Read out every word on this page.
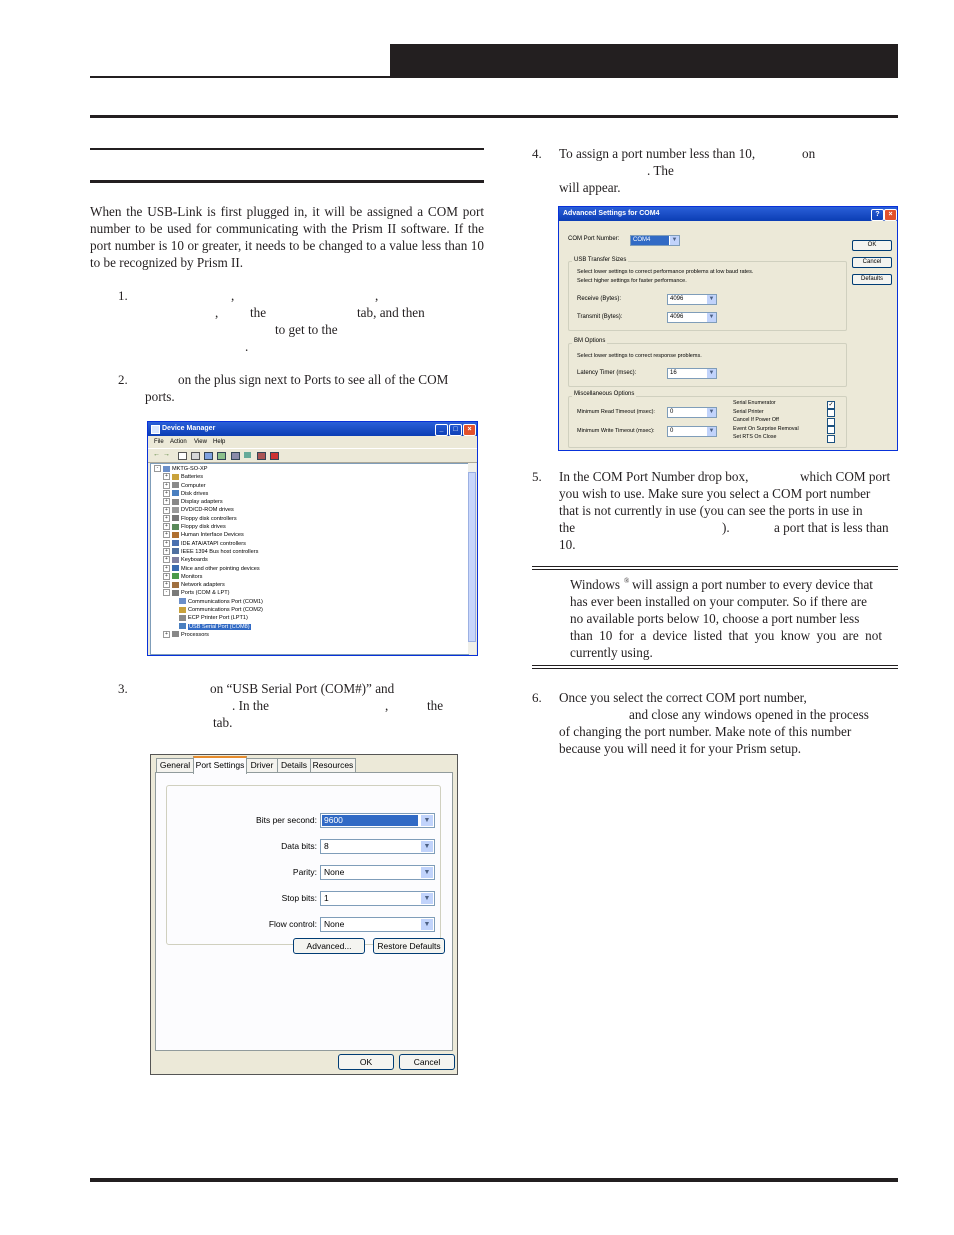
When the USB-Link is first plugged in, it will be assigned a COM port number to be used for communicating with the Prism II software. If the port number is 10 or greater, it needs to be changed to a value less than 10 to be recognized by Prism II.
1.	,	,
, the	tab, and then
to get to the
.
2.	on the plus sign next to Ports to see all of the COM
ports.
Device Manager	_	□	×
File Action View Help
← →
- MKTG-SO-XP
+ Batteries
+ Computer
+ Disk drives
+ Display adapters
+ DVD/CD-ROM drives
+ Floppy disk controllers
+ Floppy disk drives
+ Human Interface Devices
+ IDE ATA/ATAPI controllers
+ IEEE 1394 Bus host controllers
+ Keyboards
+ Mice and other pointing devices
+ Monitors
+ Network adapters
- Ports (COM & LPT)
Communications Port (COM1)
Communications Port (COM2)
ECP Printer Port (LPT1)
USB Serial Port (COM8)
+ Processors
3.	on “USB Serial Port (COM#)” and
. In the	,	the
tab.
General Port Settings Driver Details Resources
Bits per second: 9600	▼
Data bits: 8	▼
Parity: None	▼
Stop bits: 1	▼
Flow control: None	▼
Advanced...	Restore Defaults
OK	Cancel
4. To assign a port number less than 10,	on
. The
will appear.
Advanced Settings for COM4	?	×
COM Port Number:	COM4	▼
OK
Cancel
Defaults
USB Transfer Sizes
Select lower settings to correct performance problems at low baud rates.
Select higher settings for faster performance.
Receive (Bytes):	4096	▼
Transmit (Bytes):	4096	▼
BM Options
Select lower settings to correct response problems.
Latency Timer (msec):	16	▼
Miscellaneous Options
Minimum Read Timeout (msec):	0	▼
Minimum Write Timeout (msec):	0	▼
Serial Enumerator	✓
Serial Printer
Cancel If Power Off
Event On Surprise Removal
Set RTS On Close
5. In the COM Port Number drop box,	which COM port
you wish to use. Make sure you select a COM port number
that is not currently in use (you can see the ports in use in
the	).	a port that is less than
10.
Windows ® will assign a port number to every device that
has ever been installed on your computer. So if there are
no available ports below 10, choose a port number less
than 10 for a device listed that you know you are not
currently using.
6. Once you select the correct COM port number,
and close any windows opened in the process
of changing the port number. Make note of this number
because you will need it for your Prism setup.
